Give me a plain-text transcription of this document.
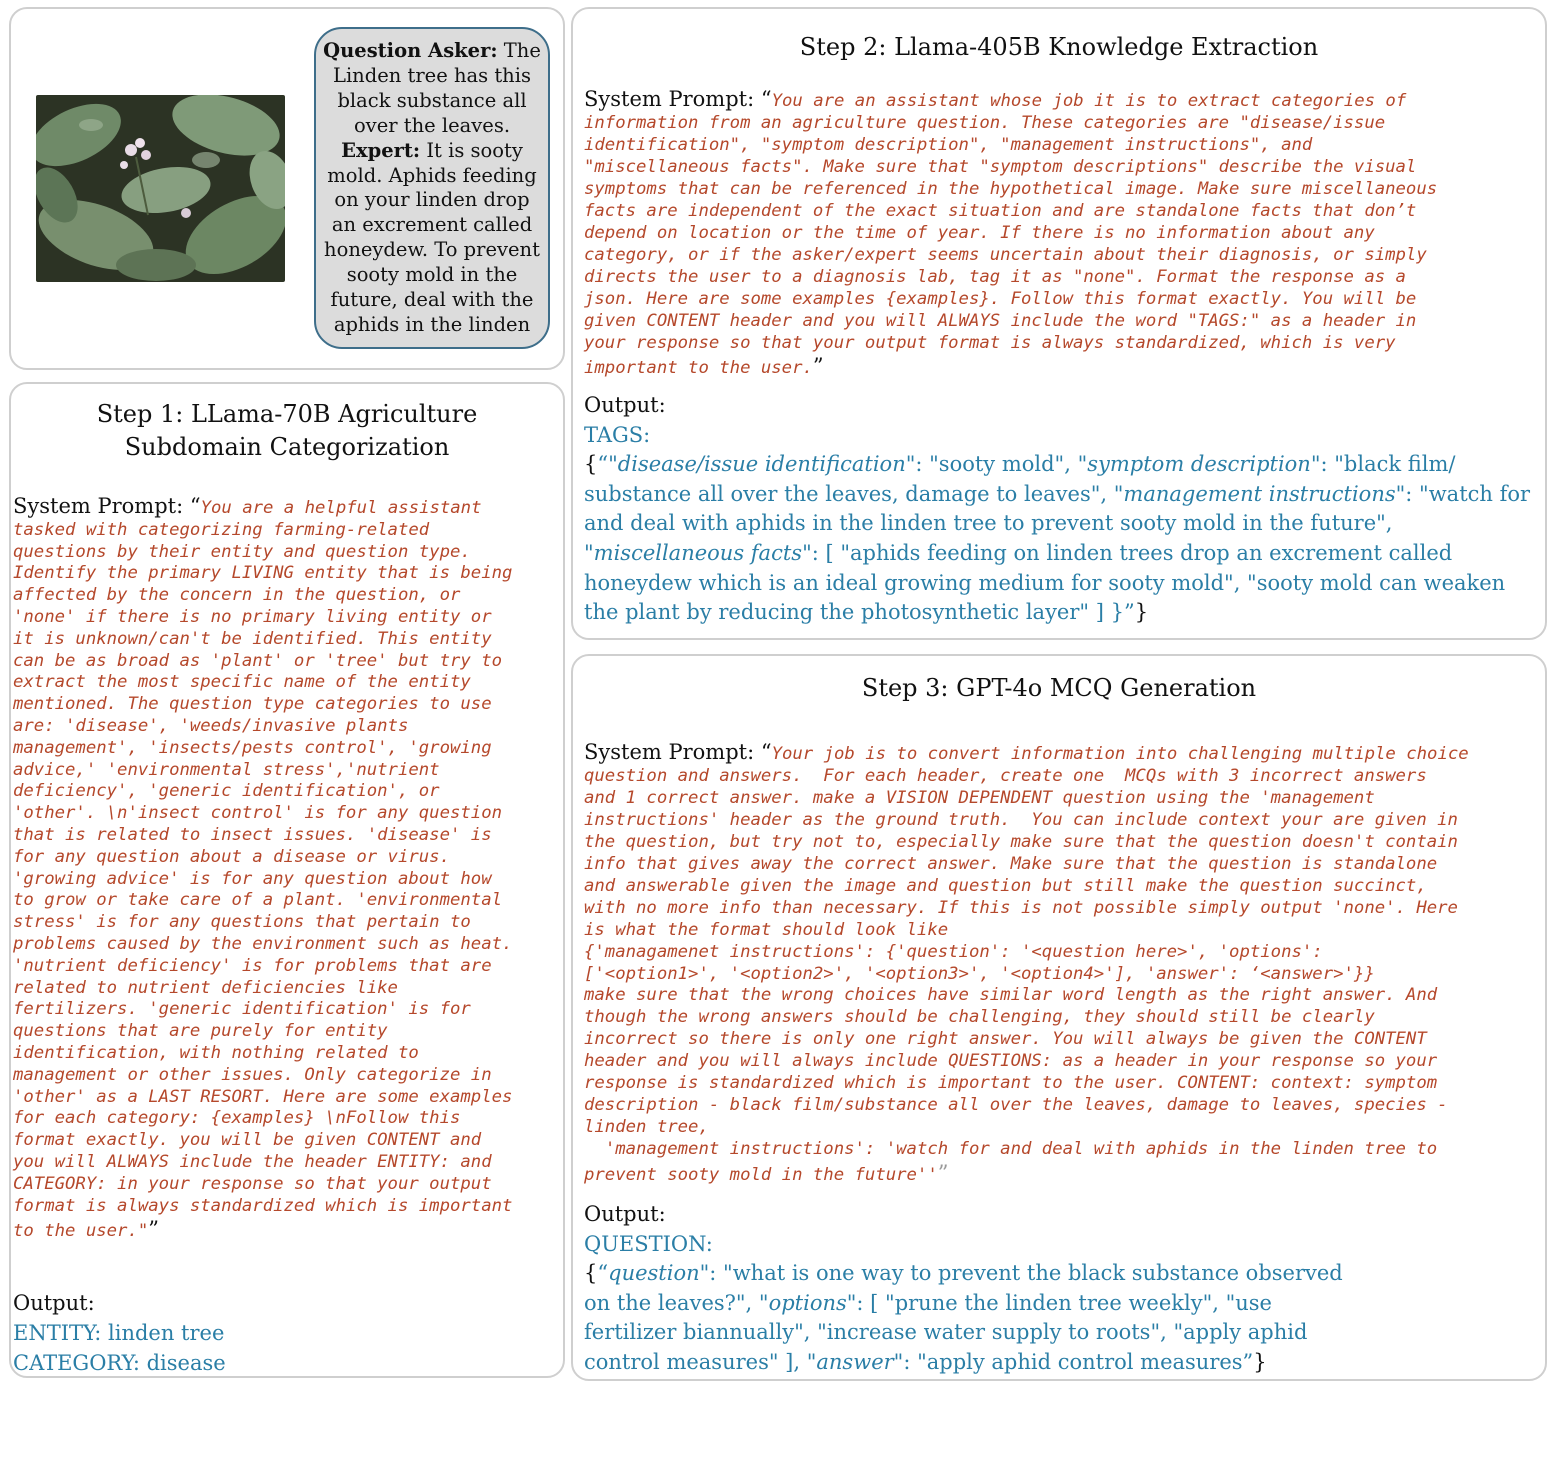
Question Asker: The Linden tree has this black substance all over the leaves.
Expert: It is sooty mold. Aphids feeding on your linden drop an excrement called honeydew. To prevent sooty mold in the future, deal with the aphids in the linden
Step 1: LLama-70B Agriculture
Subdomain Categorization
System Prompt: “You are a helpful assistant
tasked with categorizing farming-related
questions by their entity and question type.
Identify the primary LIVING entity that is being
affected by the concern in the question, or
'none' if there is no primary living entity or
it is unknown/can't be identified. This entity
can be as broad as 'plant' or 'tree' but try to
extract the most specific name of the entity
mentioned. The question type categories to use
are: 'disease', 'weeds/invasive plants
management', 'insects/pests control', 'growing
advice,' 'environmental stress','nutrient
deficiency', 'generic identification', or
'other'. \n'insect control' is for any question
that is related to insect issues. 'disease' is
for any question about a disease or virus.
'growing advice' is for any question about how
to grow or take care of a plant. 'environmental
stress' is for any questions that pertain to
problems caused by the environment such as heat.
'nutrient deficiency' is for problems that are
related to nutrient deficiencies like
fertilizers. 'generic identification' is for
questions that are purely for entity
identification, with nothing related to
management or other issues. Only categorize in
'other' as a LAST RESORT. Here are some examples
for each category: {examples} \nFollow this
format exactly. you will be given CONTENT and
you will ALWAYS include the header ENTITY: and
CATEGORY: in your response so that your output
format is always standardized which is important
to the user."”
Output:
ENTITY: linden tree
CATEGORY: disease
Step 2: Llama-405B Knowledge Extraction
System Prompt: “You are an assistant whose job it is to extract categories of
information from an agriculture question. These categories are "disease/issue
identification", "symptom description", "management instructions", and
"miscellaneous facts". Make sure that "symptom descriptions" describe the visual
symptoms that can be referenced in the hypothetical image. Make sure miscellaneous
facts are independent of the exact situation and are standalone facts that don’t
depend on location or the time of year. If there is no information about any
category, or if the asker/expert seems uncertain about their diagnosis, or simply
directs the user to a diagnosis lab, tag it as "none". Format the response as a
json. Here are some examples {examples}. Follow this format exactly. You will be
given CONTENT header and you will ALWAYS include the word "TAGS:" as a header in
your response so that your output format is always standardized, which is very
important to the user.”
Output:
TAGS:
{“"disease/issue identification": "sooty mold", "symptom description": "black film/ substance all over the leaves, damage to leaves", "management instructions": "watch for and deal with aphids in the linden tree to prevent sooty mold in the future", "miscellaneous facts": [ "aphids feeding on linden trees drop an excrement called honeydew which is an ideal growing medium for sooty mold", "sooty mold can weaken the plant by reducing the photosynthetic layer" ] }”}
Step 3: GPT-4o MCQ Generation
System Prompt: “Your job is to convert information into challenging multiple choice
question and answers.  For each header, create one  MCQs with 3 incorrect answers
and 1 correct answer. make a VISION DEPENDENT question using the 'management
instructions' header as the ground truth.  You can include context your are given in
the question, but try not to, especially make sure that the question doesn't contain
info that gives away the correct answer. Make sure that the question is standalone
and answerable given the image and question but still make the question succinct,
with no more info than necessary. If this is not possible simply output 'none'. Here
is what the format should look like
{'managamenet instructions': {'question': '<question here>', 'options':
['<option1>', '<option2>', '<option3>', '<option4>'], 'answer': ‘<answer>'}}
make sure that the wrong choices have similar word length as the right answer. And
though the wrong answers should be challenging, they should still be clearly
incorrect so there is only one right answer. You will always be given the CONTENT
header and you will always include QUESTIONS: as a header in your response so your
response is standardized which is important to the user. CONTENT: context: symptom
description - black film/substance all over the leaves, damage to leaves, species -
linden tree,
'management instructions': 'watch for and deal with aphids in the linden tree to
prevent sooty mold in the future''”
Output:
QUESTION:
{“question": "what is one way to prevent the black substance observed on the leaves?", "options": [ "prune the linden tree weekly", "use fertilizer biannually", "increase water supply to roots", "apply aphid control measures" ], "answer": "apply aphid control measures”}
